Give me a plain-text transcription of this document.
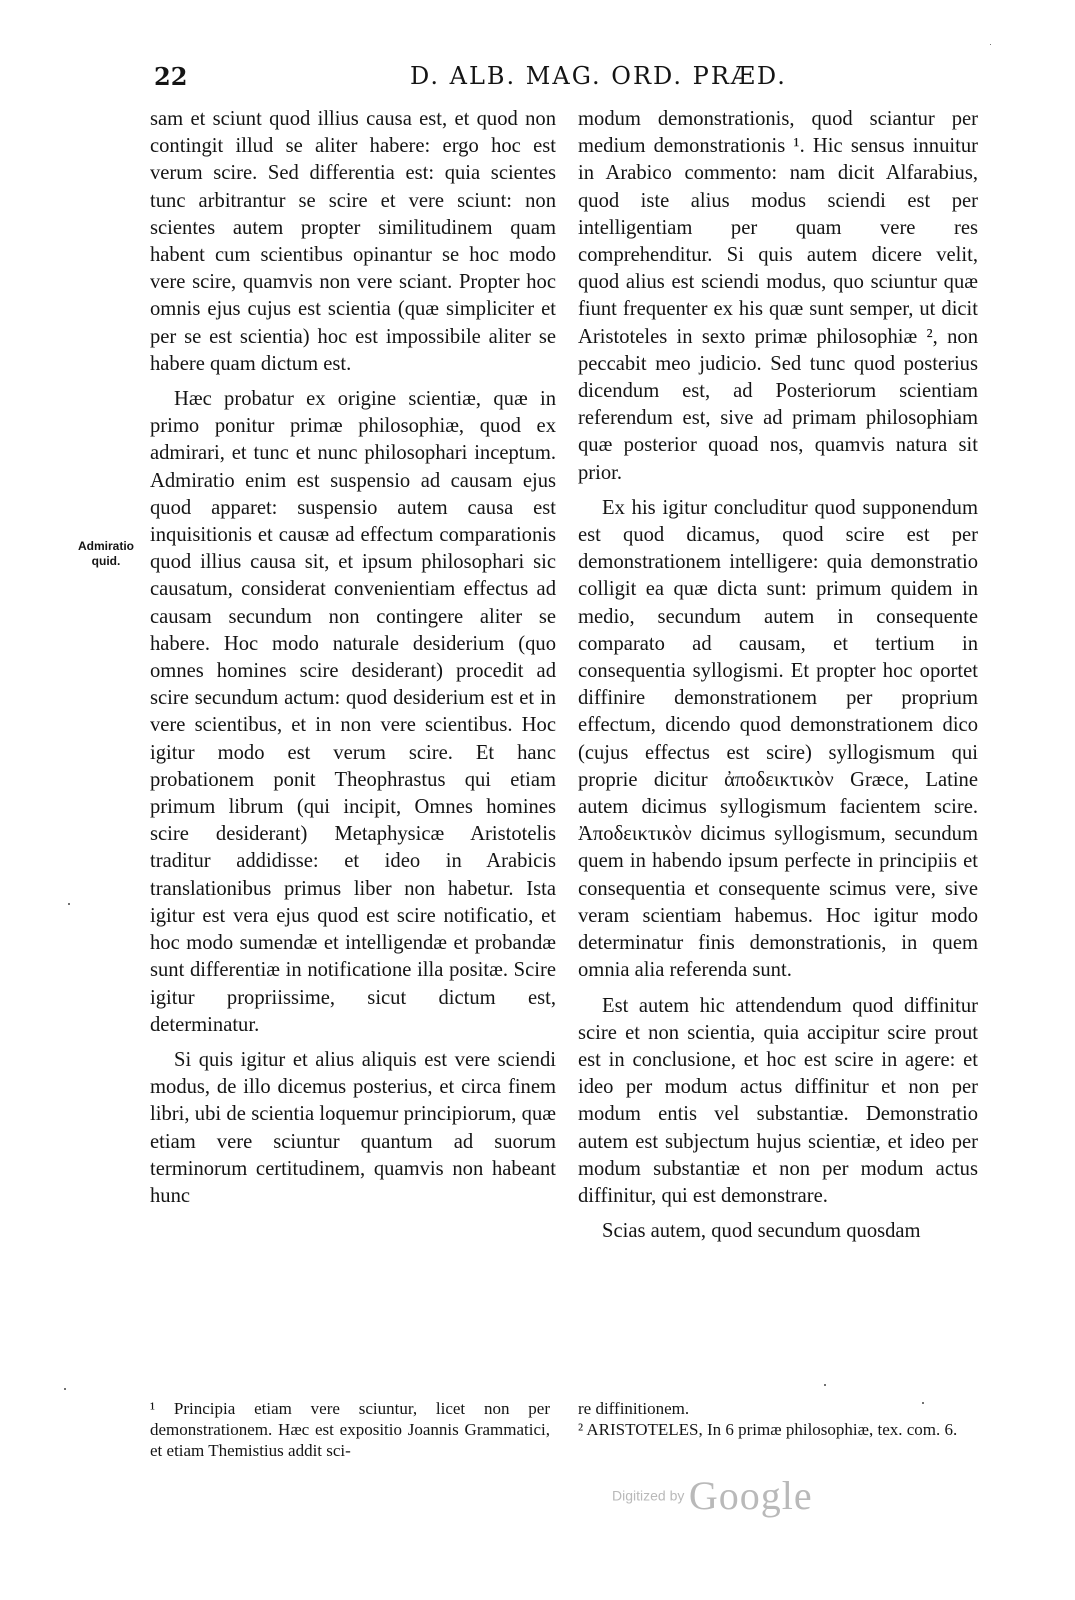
22	D. ALB. MAG. ORD. PRÆD.
Admiratio quid.

sam et sciunt quod illius causa est, et quod non contingit illud se aliter habere: ergo hoc est verum scire. Sed differentia est: quia scientes tunc arbitrantur se scire et vere sciunt: non scientes autem propter similitudinem quam habent cum scientibus opinantur se hoc modo vere scire, quamvis non vere sciant. Propter hoc omnis ejus cujus est scientia (quæ simpliciter et per se est scientia) hoc est impossibile aliter se habere quam dictum est.

Hæc probatur ex origine scientiæ, quæ in primo ponitur primæ philosophiæ, quod ex admirari, et tunc et nunc philosophari inceptum. Admiratio enim est suspensio ad causam ejus quod apparet: suspensio autem causa est inquisitionis et causæ ad effectum comparationis quod illius causa sit, et ipsum philosophari sic causatum, considerat convenientiam effectus ad causam secundum non contingere aliter se habere. Hoc modo naturale desiderium (quo omnes homines scire desiderant) procedit ad scire secundum actum: quod desiderium est et in vere scientibus, et in non vere scientibus. Hoc igitur modo est verum scire. Et hanc probationem ponit Theophrastus qui etiam primum librum (qui incipit, Omnes homines scire desiderant) Metaphysicæ Aristotelis traditur addidisse: et ideo in Arabicis translationibus primus liber non habetur. Ista igitur est vera ejus quod est scire notificatio, et hoc modo sumendæ et intelligendæ et probandæ sunt differentiæ in notificatione illa positæ. Scire igitur propriissime, sicut dictum est, determinatur.

Si quis igitur et alius aliquis est vere sciendi modus, de illo dicemus posterius, et circa finem libri, ubi de scientia loquemur principiorum, quæ etiam vere sciuntur quantum ad suorum terminorum certitudinem, quamvis non habeant hunc

modum demonstrationis, quod sciantur per medium demonstrationis ¹. Hic sensus innuitur in Arabico commento: nam dicit Alfarabius, quod iste alius modus sciendi est per intelligentiam per quam vere res comprehenditur. Si quis autem dicere velit, quod alius est sciendi modus, quo sciuntur quæ fiunt frequenter ex his quæ sunt semper, ut dicit Aristoteles in sexto primæ philosophiæ ², non peccabit meo judicio. Sed tunc quod posterius dicendum est, ad Posteriorum scientiam referendum est, sive ad primam philosophiam quæ posterior quoad nos, quamvis natura sit prior.

Ex his igitur concluditur quod supponendum est quod dicamus, quod scire est per demonstrationem intelligere: quia demonstratio colligit ea quæ dicta sunt: primum quidem in medio, secundum autem in consequente comparato ad causam, et tertium in consequentia syllogismi. Et propter hoc oportet diffinire demonstrationem per proprium effectum, dicendo quod demonstrationem dico (cujus effectus est scire) syllogismum qui proprie dicitur ἀποδεικτικὸν Græce, Latine autem dicimus syllogismum facientem scire. Ἀποδεικτικὸν dicimus syllogismum, secundum quem in habendo ipsum perfecte in principiis et consequentia et consequente scimus vere, sive veram scientiam habemus. Hoc igitur modo determinatur finis demonstrationis, in quem omnia alia referenda sunt.

Est autem hic attendendum quod diffinitur scire et non scientia, quia accipitur scire prout est in conclusione, et hoc est scire in agere: et ideo per modum actus diffinitur et non per modum entis vel substantiæ. Demonstratio autem est subjectum hujus scientiæ, et ideo per modum substantiæ et non per modum actus diffinitur, qui est demonstrare.

Scias autem, quod secundum quosdam

¹ Principia etiam vere sciuntur, licet non per demonstrationem. Hæc est expositio Joannis Grammatici, et etiam Themistius addit sci-
re diffinitionem.
² ARISTOTELES, In 6 primæ philosophiæ, tex. com. 6.
Digitized by Google
